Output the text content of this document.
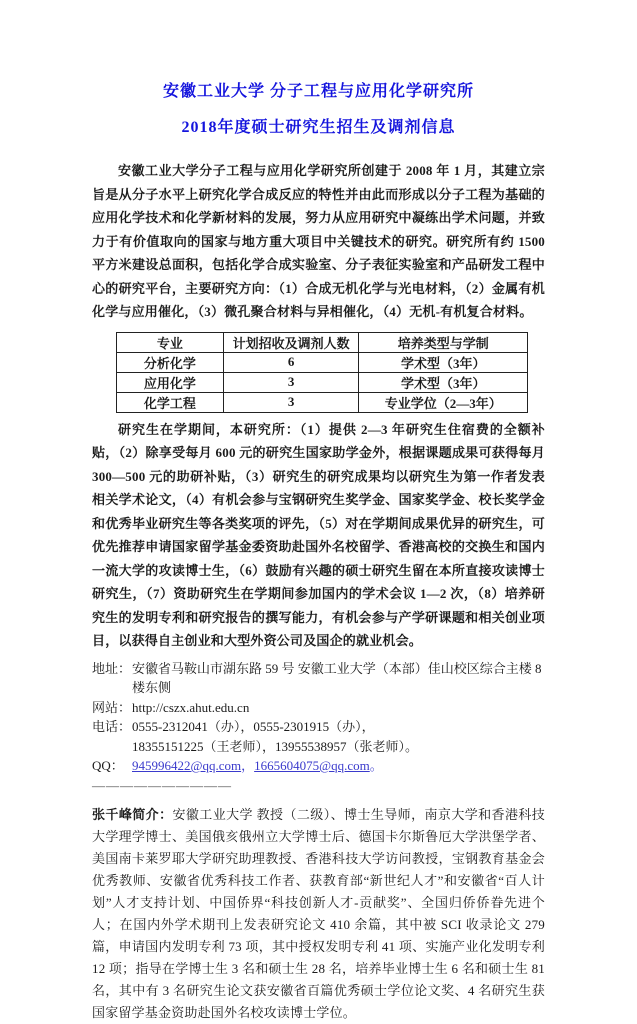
安徽工业大学 分子工程与应用化学研究所
2018年度硕士研究生招生及调剂信息
安徽工业大学分子工程与应用化学研究所创建于 2008 年 1 月，其建立宗旨是从分子水平上研究化学合成反应的特性并由此而形成以分子工程为基础的应用化学技术和化学新材料的发展，努力从应用研究中凝练出学术问题，并致力于有价值取向的国家与地方重大项目中关键技术的研究。研究所有约 1500 平方米建设总面积，包括化学合成实验室、分子表征实验室和产品研发工程中心的研究平台，主要研究方向：（1）合成无机化学与光电材料，（2）金属有机化学与应用催化，（3）微孔聚合材料与异相催化，（4）无机-有机复合材料。
专业	计划招收及调剂人数	培养类型与学制
分析化学	6	学术型（3年）
应用化学	3	学术型（3年）
化学工程	3	专业学位（2—3年）
研究生在学期间，本研究所：（1）提供 2—3 年研究生住宿费的全额补贴，（2）除享受每月 600 元的研究生国家助学金外，根据课题成果可获得每月 300—500 元的助研补贴，（3）研究生的研究成果均以研究生为第一作者发表相关学术论文，（4）有机会参与宝钢研究生奖学金、国家奖学金、校长奖学金和优秀毕业研究生等各类奖项的评先，（5）对在学期间成果优异的研究生，可优先推荐申请国家留学基金委资助赴国外名校留学、香港高校的交换生和国内一流大学的攻读博士生，（6）鼓励有兴趣的硕士研究生留在本所直接攻读博士研究生，（7）资助研究生在学期间参加国内的学术会议 1—2 次，（8）培养研究生的发明专利和研究报告的撰写能力，有机会参与产学研课题和相关创业项目，以获得自主创业和大型外资公司及国企的就业机会。
地址： 安徽省马鞍山市湖东路 59 号 安徽工业大学（本部）佳山校区综合主楼 8 楼东侧
网站： http://cszx.ahut.edu.cn
电话： 0555-2312041（办），0555-2301915（办），
18355151225（王老师），13955538957（张老师）。
QQ： 945996422@qq.com，1665604075@qq.com。
——————————
张千峰简介：安徽工业大学 教授（二级）、博士生导师，南京大学和香港科技大学理学博士、美国俄亥俄州立大学博士后、德国卡尔斯鲁厄大学洪堡学者、美国南卡莱罗耶大学研究助理教授、香港科技大学访问教授，宝钢教育基金会优秀教师、安徽省优秀科技工作者、获教育部“新世纪人才”和安徽省“百人计划”人才支持计划、中国侨界“科技创新人才-贡献奖”、全国归侨侨眷先进个人；在国内外学术期刊上发表研究论文 410 余篇，其中被 SCI 收录论文 279 篇，申请国内发明专利 73 项，其中授权发明专利 41 项、实施产业化发明专利 12 项；指导在学博士生 3 名和硕士生 28 名，培养毕业博士生 6 名和硕士生 81 名，其中有 3 名研究生论文获安徽省百篇优秀硕士学位论文奖、4 名研究生获国家留学基金资助赴国外名校攻读博士学位。
